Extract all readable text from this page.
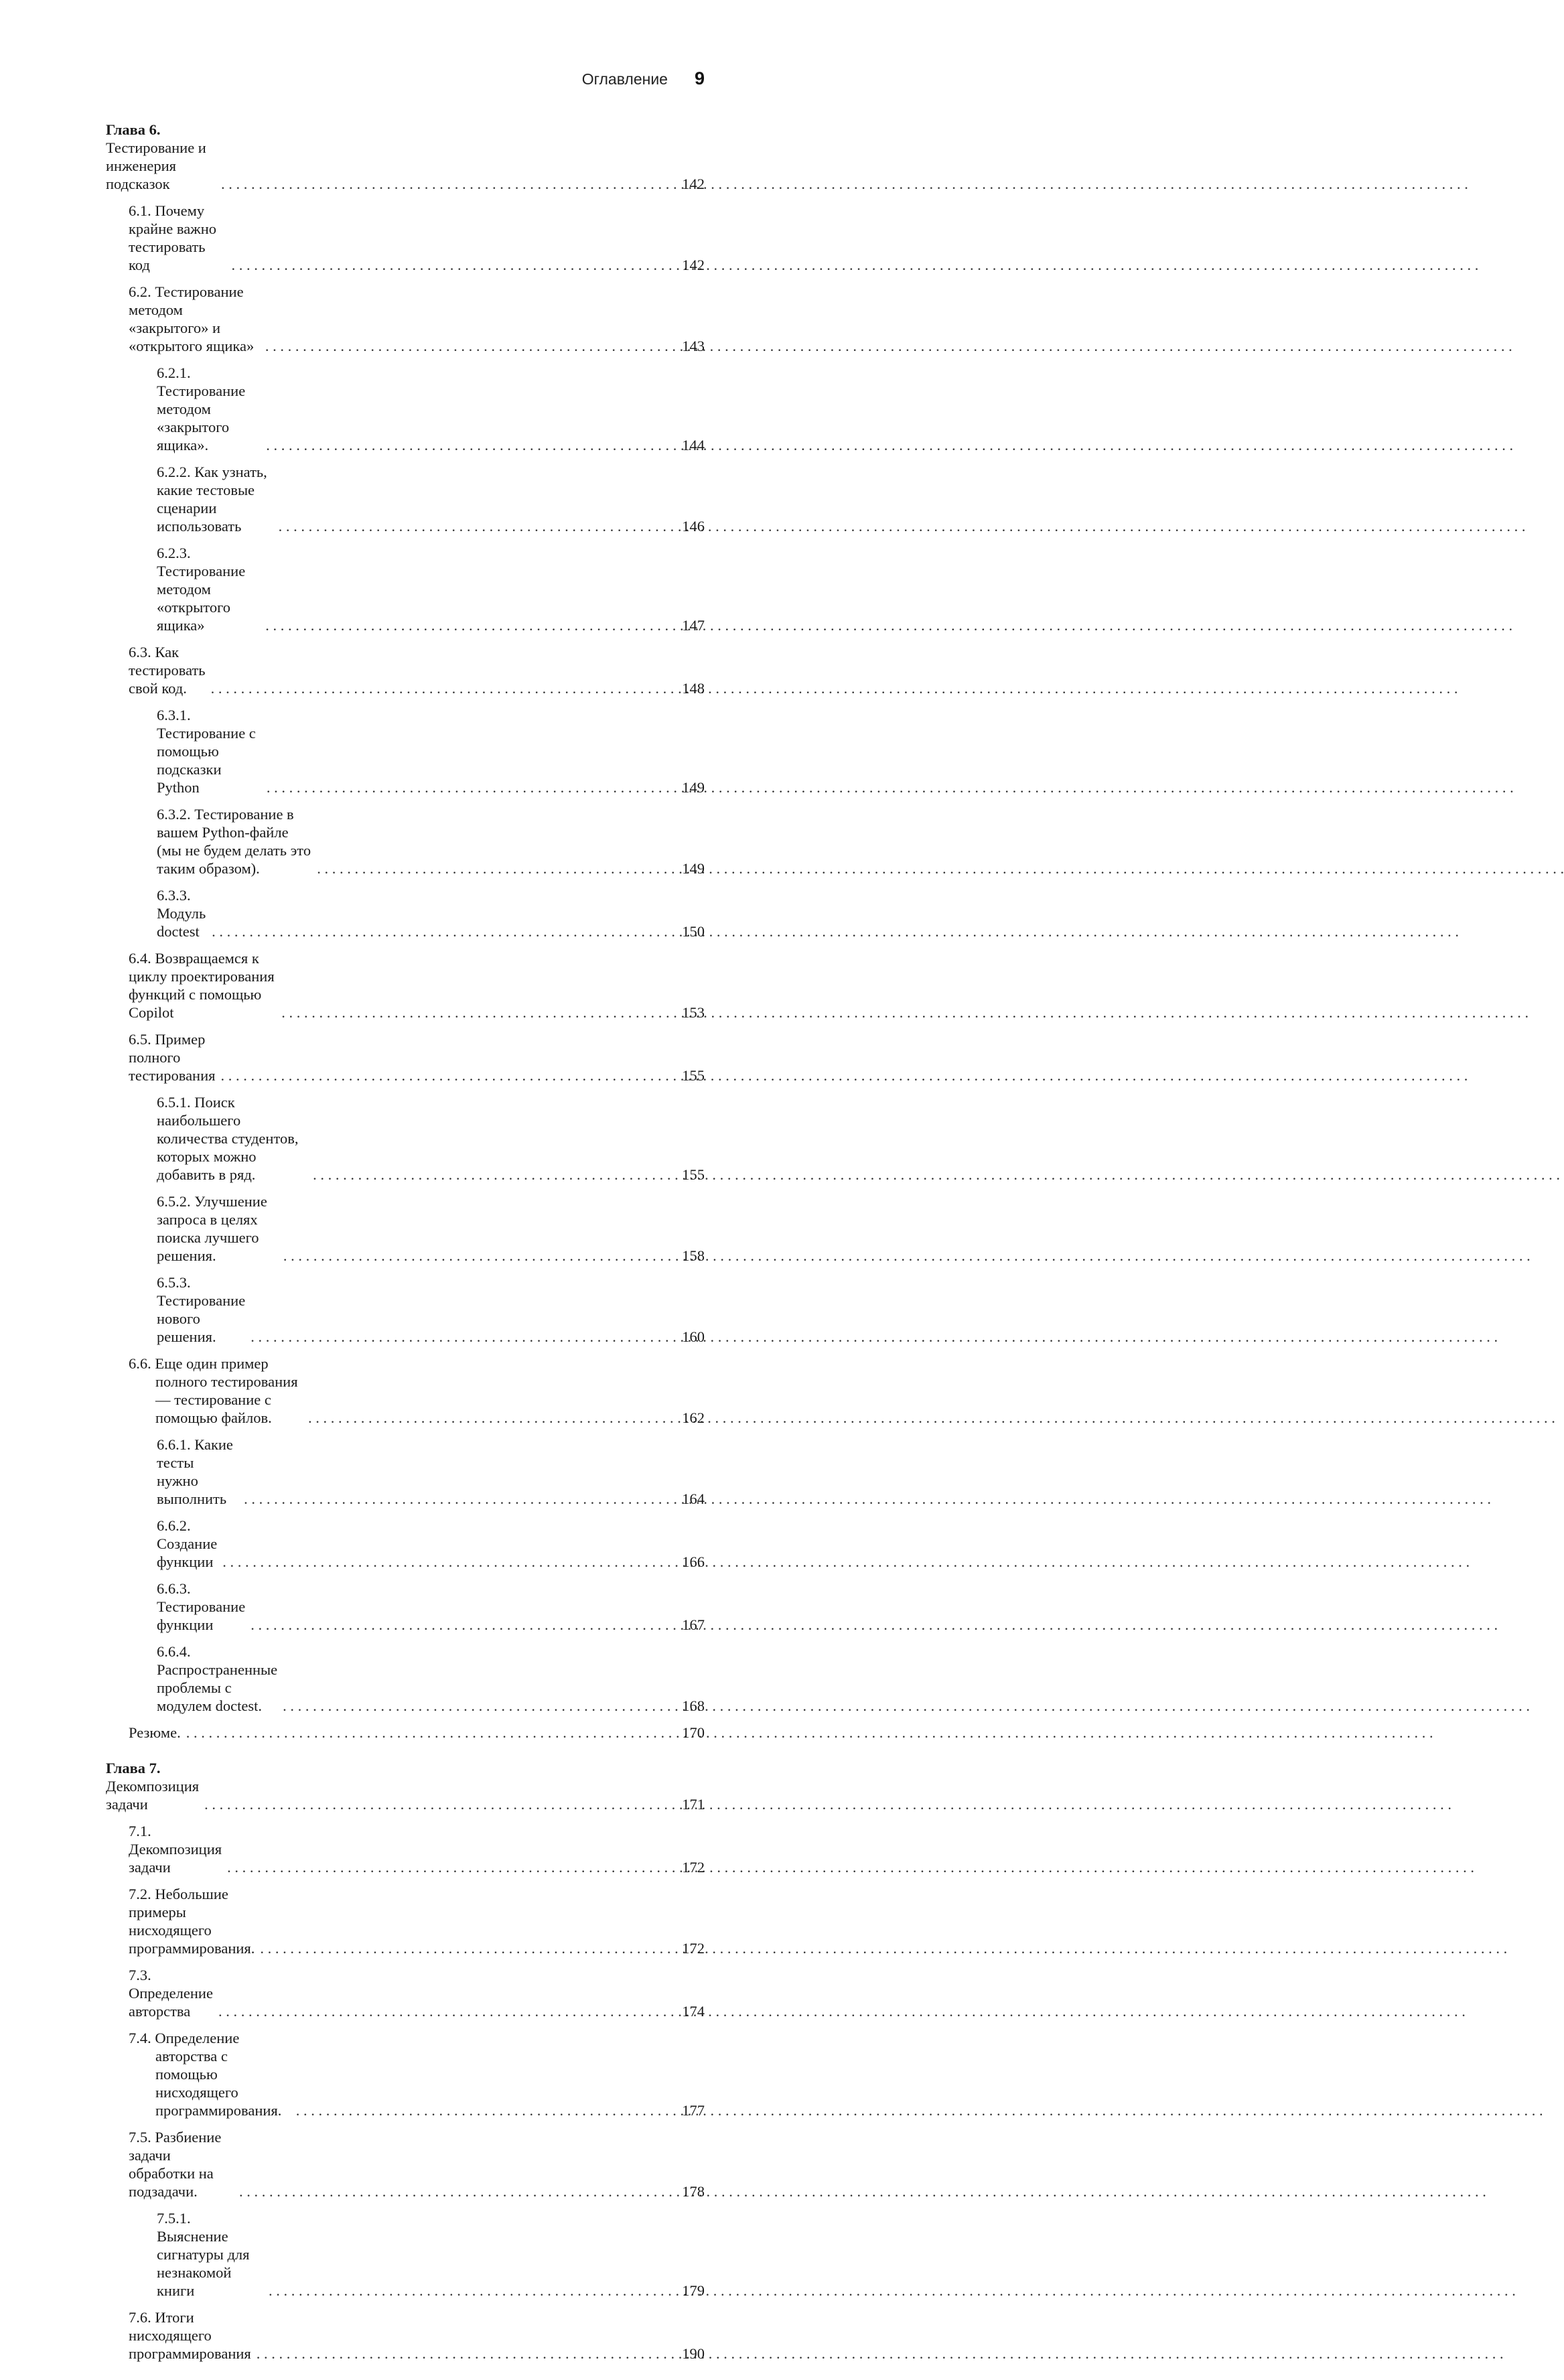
Оглавление 9
Глава 6. Тестирование и инженерия подсказок . . .	142
6.1. Почему крайне важно тестировать код . . .	142
6.2. Тестирование методом «закрытого» и «открытого ящика» . . .	143
6.2.1. Тестирование методом «закрытого ящика». . . .	144
6.2.2. Как узнать, какие тестовые сценарии использовать . . .	146
6.2.3. Тестирование методом «открытого ящика» . . .	147
6.3. Как тестировать свой код. . . .	148
6.3.1. Тестирование с помощью подсказки Python . . .	149
6.3.2. Тестирование в вашем Python-файле (мы не будем делать это таким образом). . . .	149
6.3.3. Модуль doctest . . .	150
6.4. Возвращаемся к циклу проектирования функций с помощью Copilot . . .	153
6.5. Пример полного тестирования . . .	155
6.5.1. Поиск наибольшего количества студентов, которых можно добавить в ряд. . . .	155
6.5.2. Улучшение запроса в целях поиска лучшего решения. . . .	158
6.5.3. Тестирование нового решения. . . .	160
6.6. Еще один пример полного тестирования — тестирование с помощью файлов. . . .	162
6.6.1. Какие тесты нужно выполнить . . .	164
6.6.2. Создание функции . . .	166
6.6.3. Тестирование функции . . .	167
6.6.4. Распространенные проблемы с модулем doctest. . . .	168
Резюме. . . .	170
Глава 7. Декомпозиция задачи . . .	171
7.1. Декомпозиция задачи . . .	172
7.2. Небольшие примеры нисходящего программирования. . . .	172
7.3. Определение авторства . . .	174
7.4. Определение авторства с помощью нисходящего программирования. . . .	177
7.5. Разбиение задачи обработки на подзадачи. . . .	178
7.5.1. Выяснение сигнатуры для незнакомой книги . . .	179
7.6. Итоги нисходящего программирования . . .	190
